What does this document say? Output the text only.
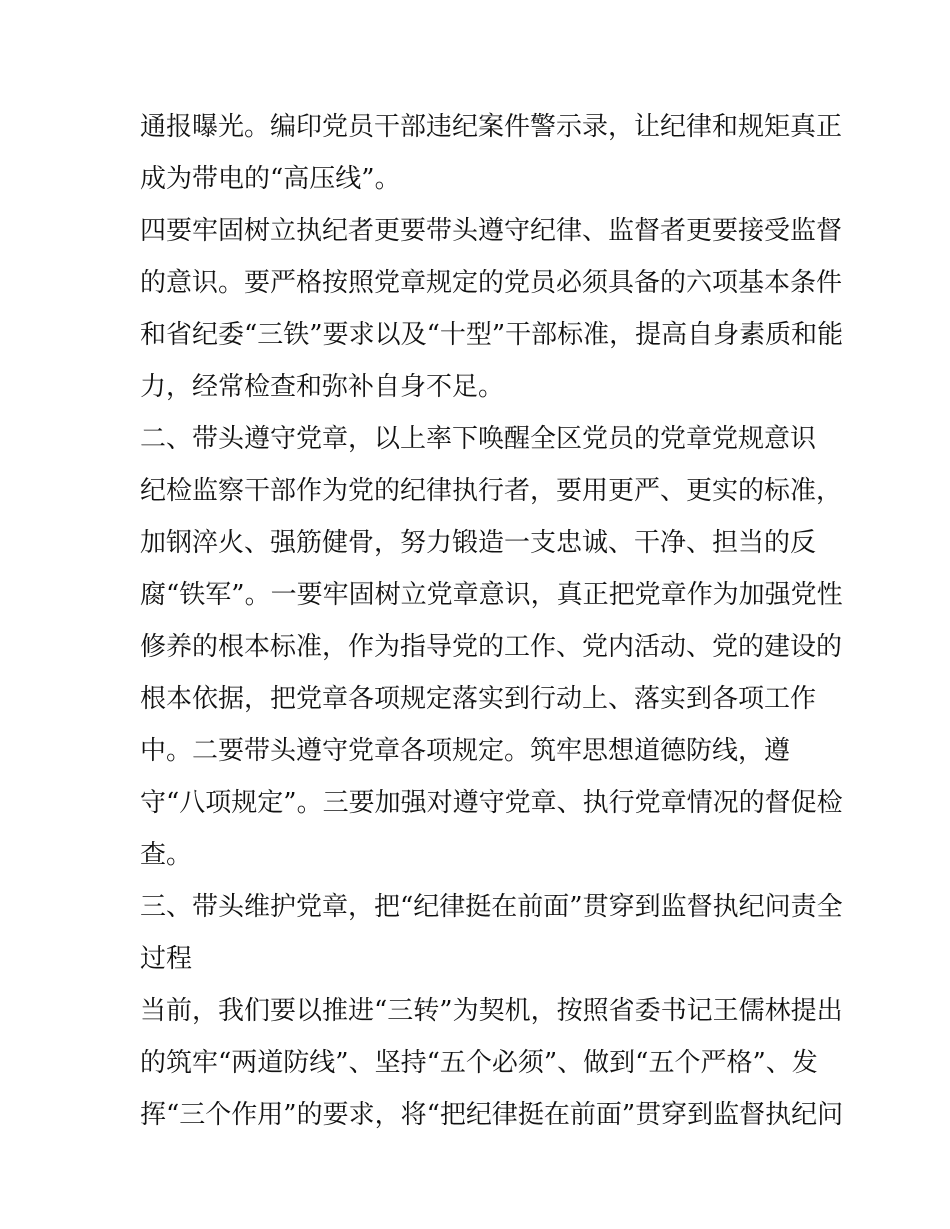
通报曝光。编印党员干部违纪案件警示录，让纪律和规矩真正
成为带电的“高压线”。
四要牢固树立执纪者更要带头遵守纪律、监督者更要接受监督
的意识。要严格按照党章规定的党员必须具备的六项基本条件
和省纪委“三铁”要求以及“十型”干部标准，提高自身素质和能
力，经常检查和弥补自身不足。
二、带头遵守党章，以上率下唤醒全区党员的党章党规意识
纪检监察干部作为党的纪律执行者，要用更严、更实的标准，
加钢淬火、强筋健骨，努力锻造一支忠诚、干净、担当的反
腐“铁军”。一要牢固树立党章意识，真正把党章作为加强党性
修养的根本标准，作为指导党的工作、党内活动、党的建设的
根本依据，把党章各项规定落实到行动上、落实到各项工作
中。二要带头遵守党章各项规定。筑牢思想道德防线，遵
守“八项规定”。三要加强对遵守党章、执行党章情况的督促检
查。
三、带头维护党章，把“纪律挺在前面”贯穿到监督执纪问责全
过程
当前，我们要以推进“三转”为契机，按照省委书记王儒林提出
的筑牢“两道防线”、坚持“五个必须”、做到“五个严格”、发
挥“三个作用”的要求，将“把纪律挺在前面”贯穿到监督执纪问
